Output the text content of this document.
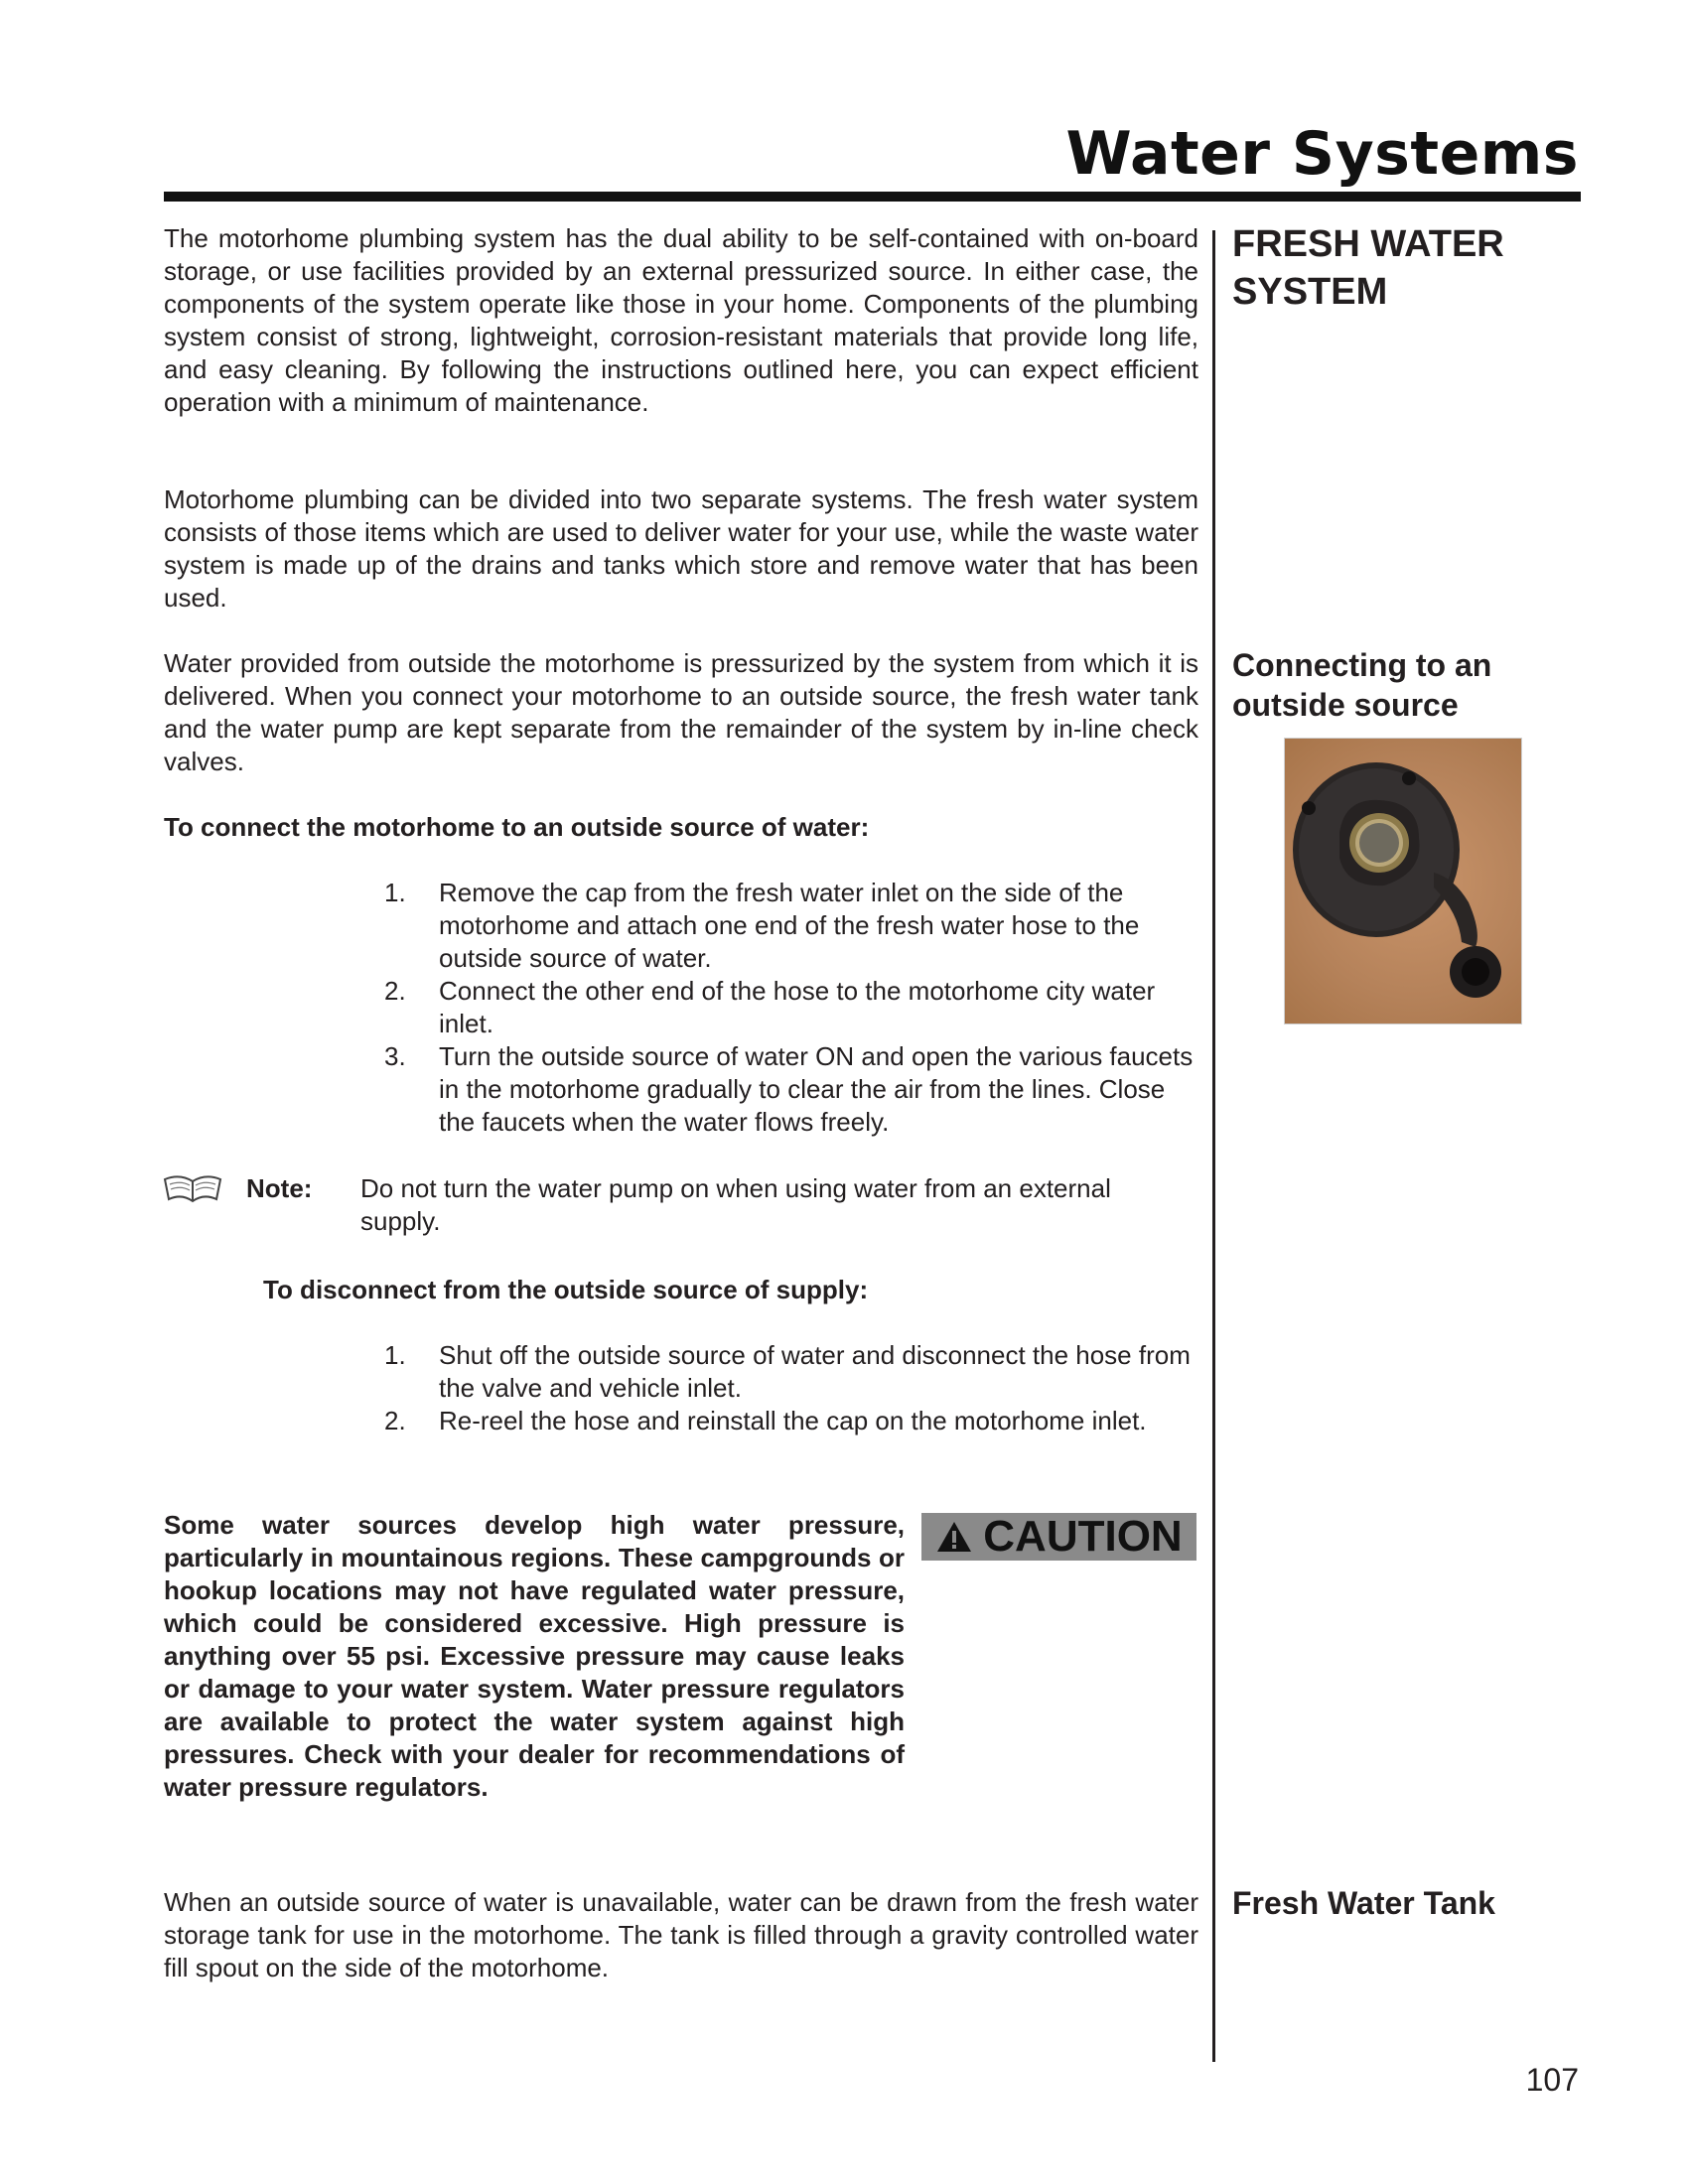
Water Systems
FRESH WATER SYSTEM
Connecting to an outside source
Fresh Water Tank

The motorhome plumbing system has the dual ability to be self-contained with on-board storage, or use facilities provided by an external pressurized source. In either case, the components of the system operate like those in your home. Components of the plumbing system consist of strong, lightweight, corrosion-resistant materials that provide long life, and easy cleaning. By following the instructions outlined here, you can expect efficient operation with a minimum of maintenance.

Motorhome plumbing can be divided into two separate systems. The fresh water system consists of those items which are used to deliver water for your use, while the waste water system is made up of the drains and tanks which store and remove water that has been used.

Water provided from outside the motorhome is pressurized by the system from which it is delivered. When you connect your motorhome to an outside source, the fresh water tank and the water pump are kept separate from the remainder of the system by in-line check valves.

To connect the motorhome to an outside source of water:

1. Remove the cap from the fresh water inlet on the side of the motorhome and attach one end of the fresh water hose to the outside source of water.
2. Connect the other end of the hose to the motorhome city water inlet.
3. Turn the outside source of water ON and open the various faucets in the motorhome gradually to clear the air from the lines. Close the faucets when the water flows freely.
Note: Do not turn the water pump on when using water from an external supply.

To disconnect from the outside source of supply:

1. Shut off the outside source of water and disconnect the hose from the valve and vehicle inlet.
2. Re-reel the hose and reinstall the cap on the motorhome inlet.

Some water sources develop high water pressure, particularly in mountainous regions. These campgrounds or hookup locations may not have regulated water pressure, which could be considered excessive. High pressure is anything over 55 psi. Excessive pressure may cause leaks or damage to your water system. Water pressure regulators are available to protect the water system against high pressures. Check with your dealer for recommendations of water pressure regulators.

CAUTION

When an outside source of water is unavailable, water can be drawn from the fresh water storage tank for use in the motorhome. The tank is filled through a gravity controlled water fill spout on the side of the motorhome.

107
